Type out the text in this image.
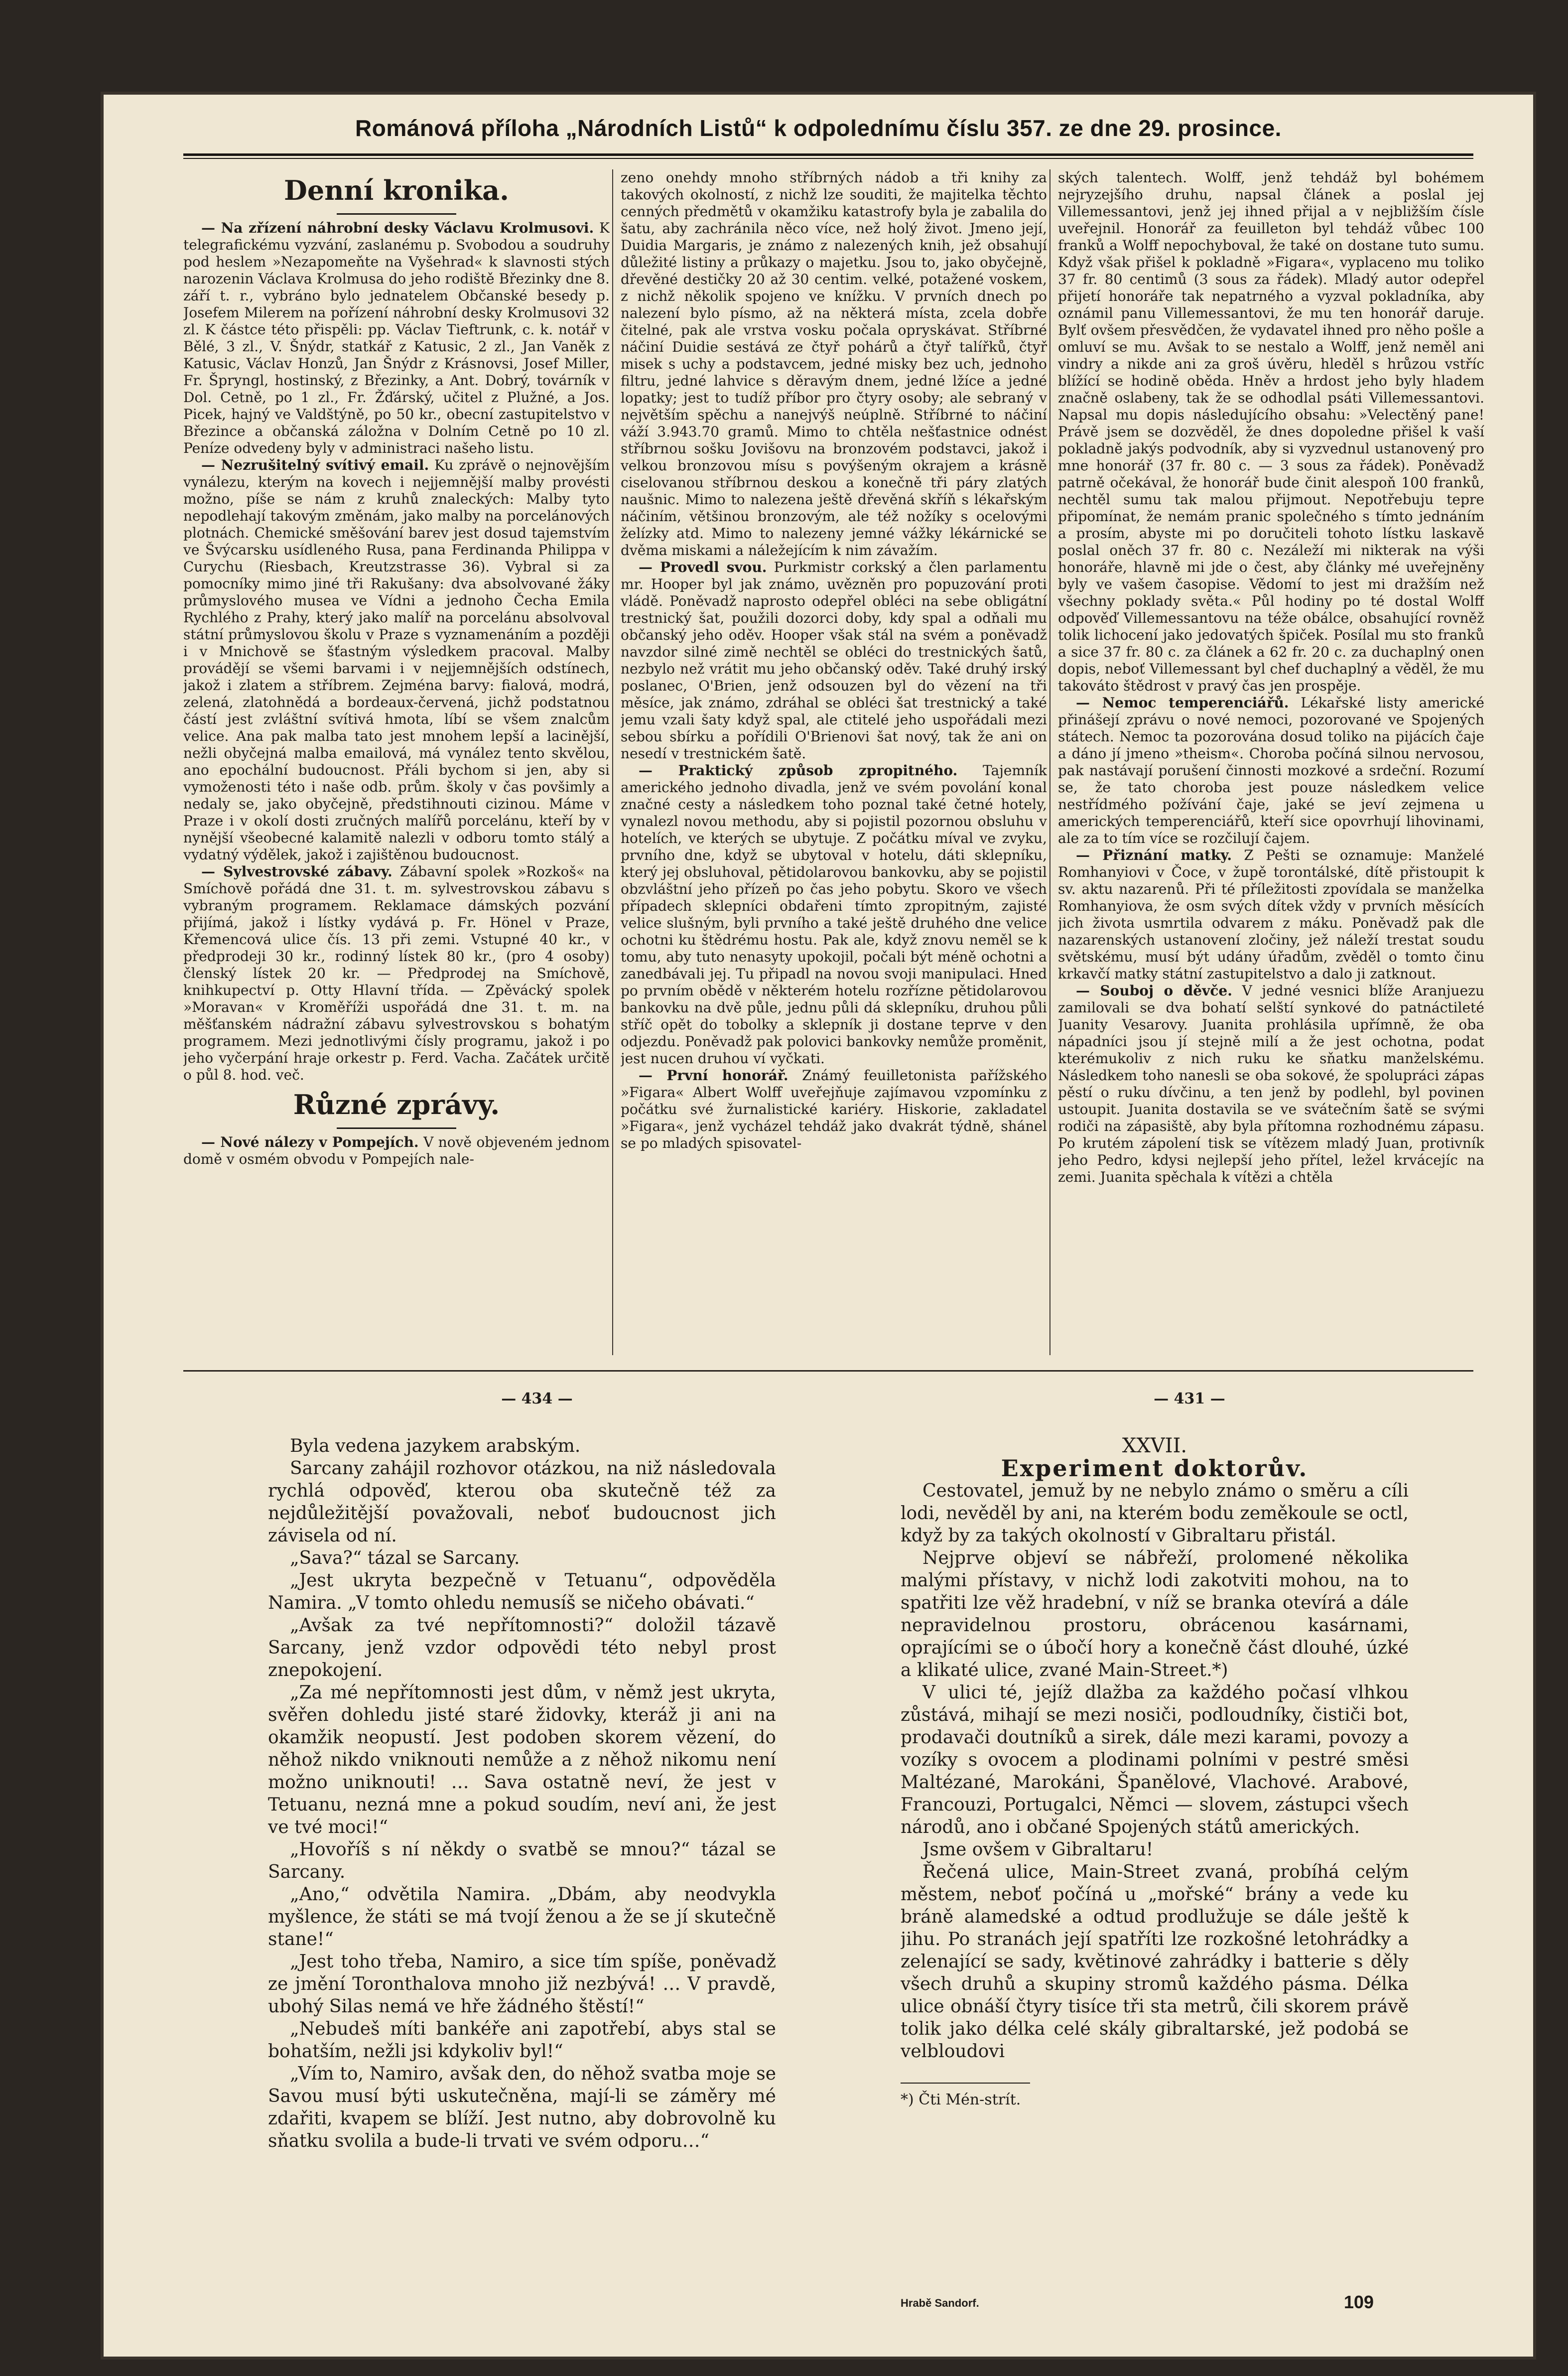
Románová příloha „Národních Listů“ k odpolednímu číslu 357. ze dne 29. prosince.
Denní kronika.

— Na zřízení náhrobní desky Václavu Krolmusovi. K telegrafickému vyzvání, zaslanému p. Svobodou a soudruhy pod heslem »Nezapomeňte na Vyšehrad« k slavnosti stých narozenin Václava Krolmusa do jeho rodiště Březinky dne 8. září t. r., vybráno bylo jednatelem Občanské besedy p. Josefem Milerem na pořízení náhrobní desky Krolmusovi 32 zl. K částce této přispěli: pp. Václav Tieftrunk, c. k. notář v Bělé, 3 zl., V. Šnýdr, statkář z Katusic, 2 zl., Jan Vaněk z Katusic, Václav Honzů, Jan Šnýdr z Krásnovsi, Josef Miller, Fr. Špryngl, hostinský, z Březinky, a Ant. Dobrý, továrník v Dol. Cetně, po 1 zl., Fr. Žďárský, učitel z Plužné, a Jos. Picek, hajný ve Valdštýně, po 50 kr., obecní zastupitelstvo v Březince a občanská záložna v Dolním Cetně po 10 zl. Peníze odvedeny byly v administraci našeho listu.

— Nezrušitelný svítivý email. Ku zprávě o nejnovějším vynálezu, kterým na kovech i nejjemnější malby provésti možno, píše se nám z kruhů znaleckých: Malby tyto nepodlehají takovým změnám, jako malby na porcelánových plotnách. Chemické směšování barev jest dosud tajemstvím ve Švýcarsku usídleného Rusa, pana Ferdinanda Philippa v Curychu (Riesbach, Kreutzstrasse 36). Vybral si za pomocníky mimo jiné tři Rakušany: dva absolvované žáky průmyslového musea ve Vídni a jednoho Čecha Emila Rychlého z Prahy, který jako malíř na porcelánu absolvoval státní průmyslovou školu v Praze s vyznamenáním a později i v Mnichově se šťastným výsledkem pracoval. Malby provádějí se všemi barvami i v nejjemnějších odstínech, jakož i zlatem a stříbrem. Zejména barvy: fialová, modrá, zelená, zlatohnědá a bordeaux-červená, jichž podstatnou částí jest zvláštní svítivá hmota, líbí se všem znalcům velice. Ana pak malba tato jest mnohem lepší a lacinější, nežli obyčejná malba emailová, má vynález tento skvělou, ano epochální budoucnost. Přáli bychom si jen, aby si vymoženosti této i naše odb. prům. školy v čas povšimly a nedaly se, jako obyčejně, předstihnouti cizinou. Máme v Praze i v okolí dosti zručných malířů porcelánu, kteří by v nynější všeobecné kalamitě nalezli v odboru tomto stálý a vydatný výdělek, jakož i zajištěnou budoucnost.

— Sylvestrovské zábavy. Zábavní spolek »Rozkoš« na Smíchově pořádá dne 31. t. m. sylvestrovskou zábavu s vybraným programem. Reklamace dámských pozvání přijímá, jakož i lístky vydává p. Fr. Hönel v Praze, Křemencová ulice čís. 13 při zemi. Vstupné 40 kr., v předprodeji 30 kr., rodinný lístek 80 kr., (pro 4 osoby) členský lístek 20 kr. — Předprodej na Smíchově, knihkupectví p. Otty Hlavní třída. — Zpěvácký spolek »Moravan« v Kroměříži uspořádá dne 31. t. m. na měšťanském nádražní zábavu sylvestrovskou s bohatým programem. Mezi jednotlivými čísly programu, jakož i po jeho vyčerpání hraje orkestr p. Ferd. Vacha. Začátek určitě o půl 8. hod. več.

Různé zprávy.

— Nové nálezy v Pompejích. V nově objeveném jednom domě v osmém obvodu v Pompejích nale-

zeno onehdy mnoho stříbrných nádob a tři knihy za takových okolností, z nichž lze souditi, že majitelka těchto cenných předmětů v okamžiku katastrofy byla je zabalila do šatu, aby zachránila něco více, než holý život. Jmeno její, Duidia Margaris, je známo z nalezených knih, jež obsahují důležité listiny a průkazy o majetku. Jsou to, jako obyčejně, dřevěné destičky 20 až 30 centim. velké, potažené voskem, z nichž několik spojeno ve knížku. V prvních dnech po nalezení bylo písmo, až na některá místa, zcela dobře čitelné, pak ale vrstva vosku počala opryskávat. Stříbrné náčiní Duidie sestává ze čtyř pohárů a čtyř talířků, čtyř misek s uchy a podstavcem, jedné misky bez uch, jednoho filtru, jedné lahvice s děravým dnem, jedné lžíce a jedné lopatky; jest to tudíž příbor pro čtyry osoby; ale sebraný v největším spěchu a nanejvýš neúplně. Stříbrné to náčiní váží 3.943.70 gramů. Mimo to chtěla nešťastnice odnést stříbrnou sošku Jovišovu na bronzovém podstavci, jakož i velkou bronzovou mísu s povýšeným okrajem a krásně ciselovanou stříbrnou deskou a konečně tři páry zlatých naušnic. Mimo to nalezena ještě dřevěná skříň s lékařským náčiním, většinou bronzovým, ale též nožíky s ocelovými želízky atd. Mimo to nalezeny jemné vážky lékárnické se dvěma miskami a náležejícím k nim závažím.

— Provedl svou. Purkmistr corkský a člen parlamentu mr. Hooper byl jak známo, uvězněn pro popuzování proti vládě. Poněvadž naprosto odepřel obléci na sebe obligátní trestnický šat, použili dozorci doby, kdy spal a odňali mu občanský jeho oděv. Hooper však stál na svém a poněvadž navzdor silné zimě nechtěl se obléci do trestnických šatů, nezbylo než vrátit mu jeho občanský oděv. Také druhý irský poslanec, O'Brien, jenž odsouzen byl do vězení na tři měsíce, jak známo, zdráhal se obléci šat trestnický a také jemu vzali šaty když spal, ale ctitelé jeho uspořádali mezi sebou sbírku a pořídili O'Brienovi šat nový, tak že ani on nesedí v trestnickém šatě.

— Praktický způsob zpropitného. Tajemník amerického jednoho divadla, jenž ve svém povolání konal značné cesty a následkem toho poznal také četné hotely, vynalezl novou methodu, aby si pojistil pozornou obsluhu v hotelích, ve kterých se ubytuje. Z počátku míval ve zvyku, prvního dne, když se ubytoval v hotelu, dáti sklepníku, který jej obsluhoval, pětidolarovou bankovku, aby se pojistil obzvláštní jeho přízeň po čas jeho pobytu. Skoro ve všech případech sklepníci obdařeni tímto zpropitným, zajisté velice slušným, byli prvního a také ještě druhého dne velice ochotni ku štědrému hostu. Pak ale, když znovu neměl se k tomu, aby tuto nenasyty upokojil, počali být méně ochotni a zanedbávali jej. Tu připadl na novou svoji manipulaci. Hned po prvním obědě v některém hotelu rozříznе pětidolarovou bankovku na dvě půle, jednu půli dá sklepníku, druhou půli stříč opět do tobolky a sklepník ji dostane teprve v den odjezdu. Poněvadž pak polovici bankovky nemůže proměnit, jest nucen druhou ví vyčkati.

— První honorář. Známý feuilletonista pařížského »Figara« Albert Wolff uveřejňuje zajímavou vzpomínku z počátku své žurnalistické kariéry. Hiskorie, zakladatel »Figara«, jenž vycházel tehdáž jako dvakrát týdně, shánel se po mladých spisovatel-

ských talentech. Wolff, jenž tehdáž byl bohémem nejryzejšího druhu, napsal článek a poslal jej Villemessantovi, jenž jej ihned přijal a v nejbližším čísle uveřejnil. Honorář za feuilleton byl tehdáž vůbec 100 franků a Wolff nepochyboval, že také on dostane tuto sumu. Když však přišel k pokladně »Figara«, vyplaceno mu toliko 37 fr. 80 centimů (3 sous za řádek). Mladý autor odepřel přijetí honoráře tak nepatrného a vyzval pokladníka, aby oznámil panu Villemessantovi, že mu ten honorář daruje. Bylť ovšem přesvědčen, že vydavatel ihned pro něho pošle a omluví se mu. Avšak to se nestalo a Wolff, jenž neměl ani vindry a nikde ani za groš úvěru, hleděl s hrůzou vstříc blížící se hodině oběda. Hněv a hrdost jeho byly hladem značně oslabeny, tak že se odhodlal psáti Villemessantovi. Napsal mu dopis následujícího obsahu: »Velectěný pane! Právě jsem se dozvěděl, že dnes dopoledne přišel k vaší pokladně jakýs podvodník, aby si vyzvednul ustanovený pro mne honorář (37 fr. 80 c. — 3 sous za řádek). Poněvadž patrně očekával, že honorář bude činit alespoň 100 franků, nechtěl sumu tak malou přijmout. Nepotřebuju tepre připomínat, že nemám pranic společného s tímto jednáním a prosím, abyste mi po doručiteli tohoto lístku laskavě poslal oněch 37 fr. 80 c. Nezáleží mi nikterak na výši honoráře, hlavně mi jde o čest, aby články mé uveřejněny byly ve vašem časopise. Vědomí to jest mi dražším než všechny poklady světa.« Půl hodiny po té dostal Wolff odpověď Villemessantovu na téže obálce, obsahující rovněž tolik lichocení jako jedovatých špiček. Posílal mu sto franků a sice 37 fr. 80 c. za článek a 62 fr. 20 c. za duchaplný onen dopis, neboť Villemessant byl chef duchaplný a věděl, že mu takováto štědrost v pravý čas jen prospěje.

— Nemoc temperenciářů. Lékařské listy americké přinášejí zprávu o nové nemoci, pozorované ve Spojených státech. Nemoc ta pozorována dosud toliko na pijácích čaje a dáno jí jmeno »theism«. Choroba počíná silnou nervosou, pak nastávají porušení činnosti mozkové a srdeční. Rozumí se, že tato choroba jest pouze následkem velice nestřídmého požívání čaje, jaké se jeví zejmena u amerických temperenciářů, kteří sice opovrhují lihovinami, ale za to tím více se rozčilují čajem.

— Přiznání matky. Z Pešti se oznamuje: Manželé Romhanyiovi v Čoce, v župě torontálské, dítě přistoupit k sv. aktu nazarenů. Při té příležitosti zpovídala se manželka Romhanyiova, že osm svých dítek vždy v prvních měsících jich života usmrtila odvarem z máku. Poněvadž pak dle nazarenských ustanovení zločiny, jež náleží trestat soudu světskému, musí být udány úřadům, zvěděl o tomto činu krkavčí matky státní zastupitelstvo a dalo ji zatknout.

— Souboj o děvče. V jedné vesnici blíže Aranjuezu zamilovali se dva bohatí selští synkové do patnáctileté Juanity Vesarovy. Juanita prohlásila upřímně, že oba nápadníci jsou jí stejně milí a že jest ochotna, podat kterémukoliv z nich ruku ke sňatku manželskému. Následkem toho nanesli se oba sokové, že spolupráci zápas pěstí o ruku dívčinu, a ten jenž by podlehl, byl povinen ustoupit. Juanita dostavila se ve svátečním šatě se svými rodiči na zápasiště, aby byla přítomna rozhodnému zápasu. Po krutém zápolení tisk se vítězem mladý Juan, protivník jeho Pedro, kdysi nejlepší jeho přítel, ležel krvácejíc na zemi. Juanita spěchala k vítězi a chtěla

— 434 —	— 431 —

Byla vedena jazykem arabským.

Sarcany zahájil rozhovor otázkou, na niž následovala rychlá odpověď, kterou oba skutečně též za nejdůležitější považovali, neboť budoucnost jich závisela od ní.

„Sava?“ tázal se Sarcany.

„Jest ukryta bezpečně v Tetuanu“, odpověděla Namira. „V tomto ohledu nemusíš se ničeho obávati.“

„Avšak za tvé nepřítomnosti?“ doložil tázavě Sarcany, jenž vzdor odpovědi této nebyl prost znepokojení.

„Za mé nepřítomnosti jest dům, v němž jest ukryta, svěřen dohledu jisté staré židovky, kteráž ji ani na okamžik neopustí. Jest podoben skorem vězení, do něhož nikdo vniknouti nemůže a z něhož nikomu není možno uniknouti! … Sava ostatně neví, že jest v Tetuanu, nezná mne a pokud soudím, neví ani, že jest ve tvé moci!“

„Hovoříš s ní někdy o svatbě se mnou?“ tázal se Sarcany.

„Ano,“ odvětila Namira. „Dbám, aby neodvykla myšlence, že státi se má tvojí ženou a že se jí skutečně stane!“

„Jest toho třeba, Namiro, a sice tím spíše, poněvadž ze jmění Toronthalova mnoho již nezbývá! … V pravdě, ubohý Silas nemá ve hře žádného štěstí!“

„Nebudeš míti bankéře ani zapotřebí, abys stal se bohatším, nežli jsi kdykoliv byl!“

„Vím to, Namiro, avšak den, do něhož svatba mojе se Savou musí býti uskutečněna, mají-li se záměry mé zdařiti, kvapem se blíží. Jest nutno, aby dobrovolně ku sňatku svolila a bude-li trvati ve svém odporu…“

XXVII.

Experiment doktorův.

Cestovatel, jemuž by ne nebylo známo o směru a cíli lodi, nevěděl by ani, na kterém bodu zeměkoule se octl, když by za takých okolností v Gibraltaru přistál.

Nejprve objeví se nábřeží, prolomené několika malými přístavy, v nichž lodi zakotviti mohou, na to spatřiti lze věž hradební, v níž se branka otevírá a dále nepravidelnou prostoru, obrácenou kasárnami, oprajícími se o úbočí hory a konečně část dlouhé, úzké a klikaté ulice, zvané Main-Street.*)

V ulici té, jejíž dlažba za každého počasí vlhkou zůstává, mihají se mezi nosiči, podloudníky, čističi bot, prodavači doutníků a sirek, dále mezi karami, povozy a vozíky s ovocem a plodinami polními v pestré směsi Maltézané, Marokáni, Španělové, Vlachové. Arabové, Francouzi, Portugalci, Němci — slovem, zástupci všech národů, ano i občané Spojených států amerických.

Jsme ovšem v Gibraltaru!

Řečená ulice, Main-Street zvaná, probíhá celým městem, neboť počíná u „mořské“ brány a vede ku bráně alamedské a odtud prodlužuje se dále ještě k jihu. Po stranách její spatříti lze rozkošné letohrádky a zelenající se sady, květinové zahrádky i batterie s děly všech druhů a skupiny stromů každého pásma. Délka ulice obnáší čtyry tisíce tři sta metrů, čili skorem právě tolik jako délka celé skály gibraltarské, jež podobá se velbloudovi

*) Čti Mén-strít.

Hrabě Sandorf.	109
